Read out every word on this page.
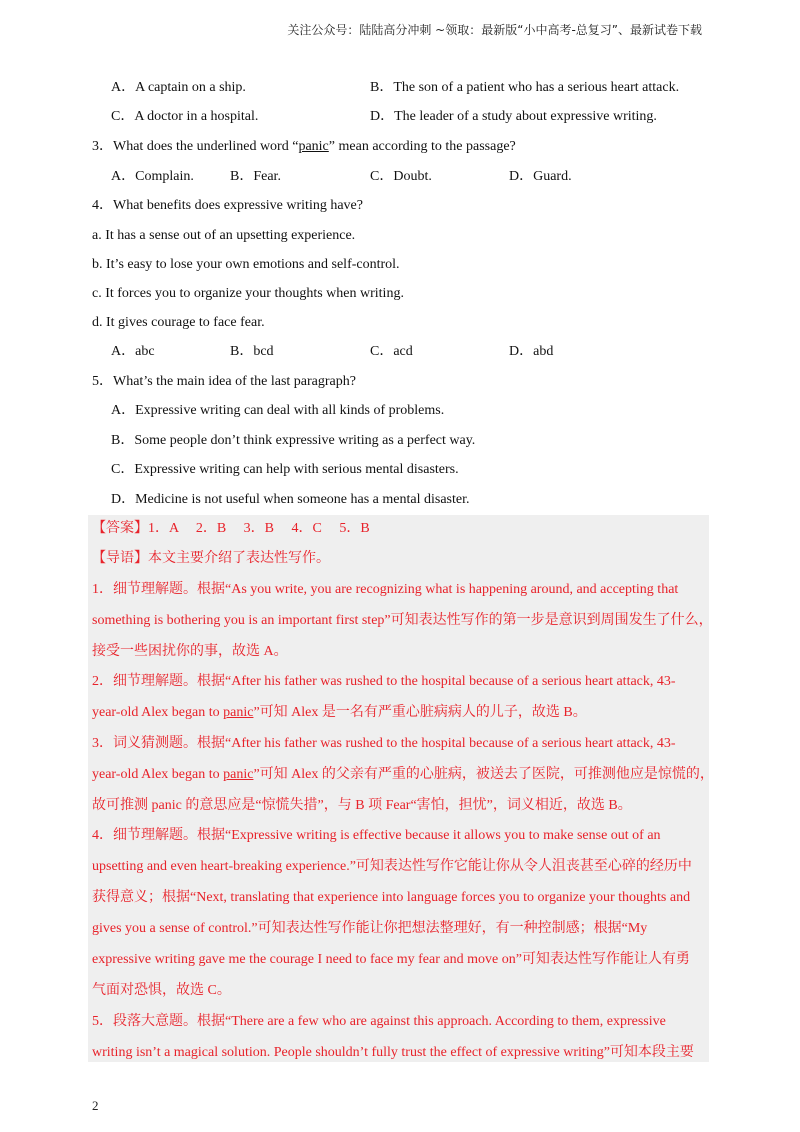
关注公众号：陆陆高分冲刺 ~领取：最新版“小中高考-总复习”、最新试卷下载
A．A captain on a ship.	B．The son of a patient who has a serious heart attack.
C．A doctor in a hospital.	D．The leader of a study about expressive writing.
3．What does the underlined word “panic” mean according to the passage?
A．Complain.	B．Fear.	C．Doubt.	D．Guard.
4．What benefits does expressive writing have?
a. It has a sense out of an upsetting experience.
b. It’s easy to lose your own emotions and self-control.
c. It forces you to organize your thoughts when writing.
d. It gives courage to face fear.
A．abc	B．bcd	C．acd	D．abd
5．What’s the main idea of the last paragraph?
A．Expressive writing can deal with all kinds of problems.
B．Some people don’t think expressive writing as a perfect way.
C．Expressive writing can help with serious mental disasters.
D．Medicine is not useful when someone has a mental disaster.
【答案】1．A　 2．B　 3．B　 4．C　 5．B
【导语】本文主要介绍了表达性写作。
1．细节理解题。根据“As you write, you are recognizing what is happening around, and accepting that
something is bothering you is an important first step”可知表达性写作的第一步是意识到周围发生了什么，
接受一些困扰你的事，故选 A。
2．细节理解题。根据“After his father was rushed to the hospital because of a serious heart attack, 43-
year-old Alex began to panic”可知 Alex 是一名有严重心脏病病人的儿子，故选 B。
3．词义猜测题。根据“After his father was rushed to the hospital because of a serious heart attack, 43-
year-old Alex began to panic”可知 Alex 的父亲有严重的心脏病，被送去了医院，可推测他应是惊慌的，
故可推测 panic 的意思应是“惊慌失措”，与 B 项 Fear“害怕，担忧”，词义相近，故选 B。
4．细节理解题。根据“Expressive writing is effective because it allows you to make sense out of an
upsetting and even heart-breaking experience.”可知表达性写作它能让你从令人沮丧甚至心碎的经历中
获得意义；根据“Next, translating that experience into language forces you to organize your thoughts and
gives you a sense of control.”可知表达性写作能让你把想法整理好，有一种控制感；根据“My
expressive writing gave me the courage I need to face my fear and move on”可知表达性写作能让人有勇
气面对恐惧，故选 C。
5．段落大意题。根据“There are a few who are against this approach. According to them, expressive
writing isn’t a magical solution. People shouldn’t fully trust the effect of expressive writing”可知本段主要
2
